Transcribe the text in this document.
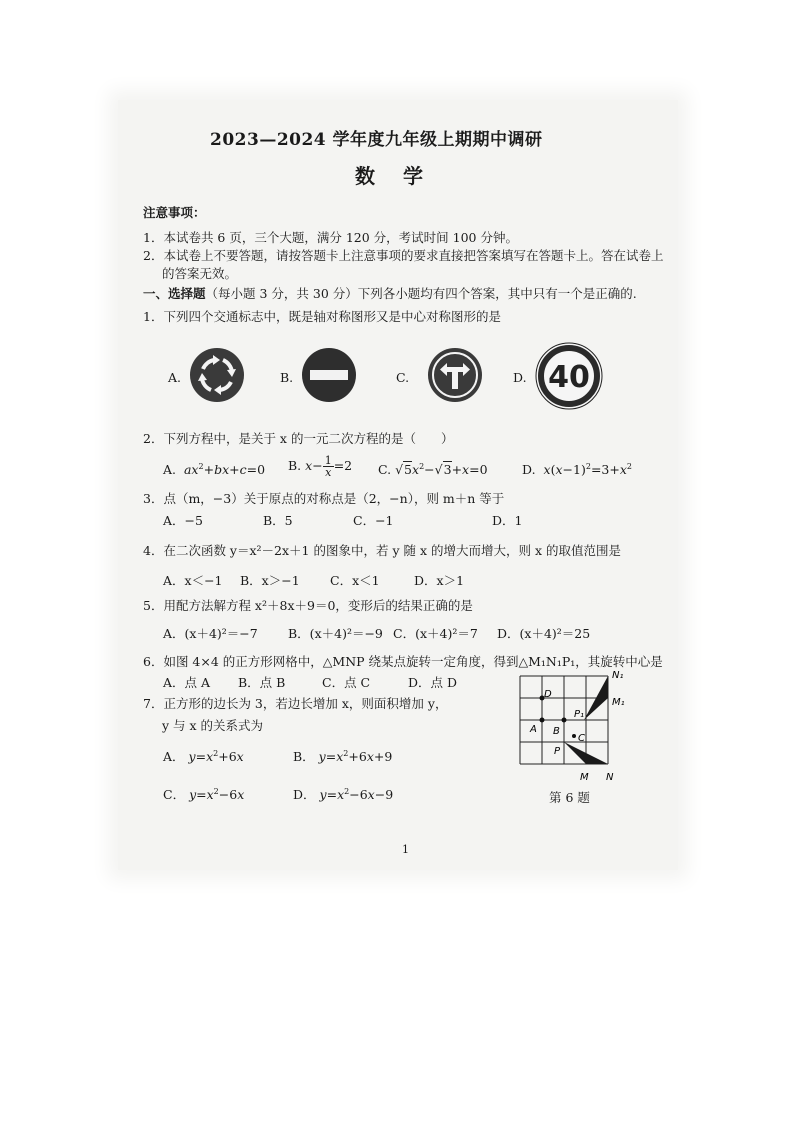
2023—2024 学年度九年级上期期中调研
数学
注意事项：
1．本试卷共 6 页，三个大题，满分 120 分，考试时间 100 分钟。
2．本试卷上不要答题，请按答题卡上注意事项的要求直接把答案填写在答题卡上。答在试卷上
的答案无效。
一、选择题（每小题 3 分，共 30 分）下列各小题均有四个答案，其中只有一个是正确的.
1．下列四个交通标志中，既是轴对称图形又是中心对称图形的是
A.	B.	C.	D. 40
2．下列方程中，是关于 x 的一元二次方程的是（　　）
A. $ax^2+bx+c=0$ B. $x- \frac{1}{x} =2$ C. $√5x^2-√3+x=0$	D. $x(x-1)^2=3+x^2$
3．点（m，−3）关于原点的对称点是（2，−n），则 m＋n 等于
A．−5	B．5	C．−1	D．1
4．在二次函数 y＝x²－2x＋1 的图象中，若 y 随 x 的增大而增大，则 x 的取值范围是
A．x＜−1 B．x＞−1 C．x＜1	D．x＞1
5．用配方法解方程 x²＋8x＋9＝0，变形后的结果正确的是
A．(x＋4)²＝−7 B．(x＋4)²＝−9 C．(x＋4)²＝7 D．(x＋4)²＝25
6．如图 4×4 的正方形网格中，△MNP 绕某点旋转一定角度，得到△M₁N₁P₁，其旋转中心是
A．点 A B．点 B	C．点 C	D．点 D
D
A B
C
P
P₁
M N
M₁
N₁
第 6 题
7．正方形的边长为 3，若边长增加 x，则面积增加 y，
y 与 x 的关系式为
A． $y=x^2+6x$	B． $y=x^2+6x+9$
C． $y=x^2-6x$	D． $y=x^2-6x-9$
1
